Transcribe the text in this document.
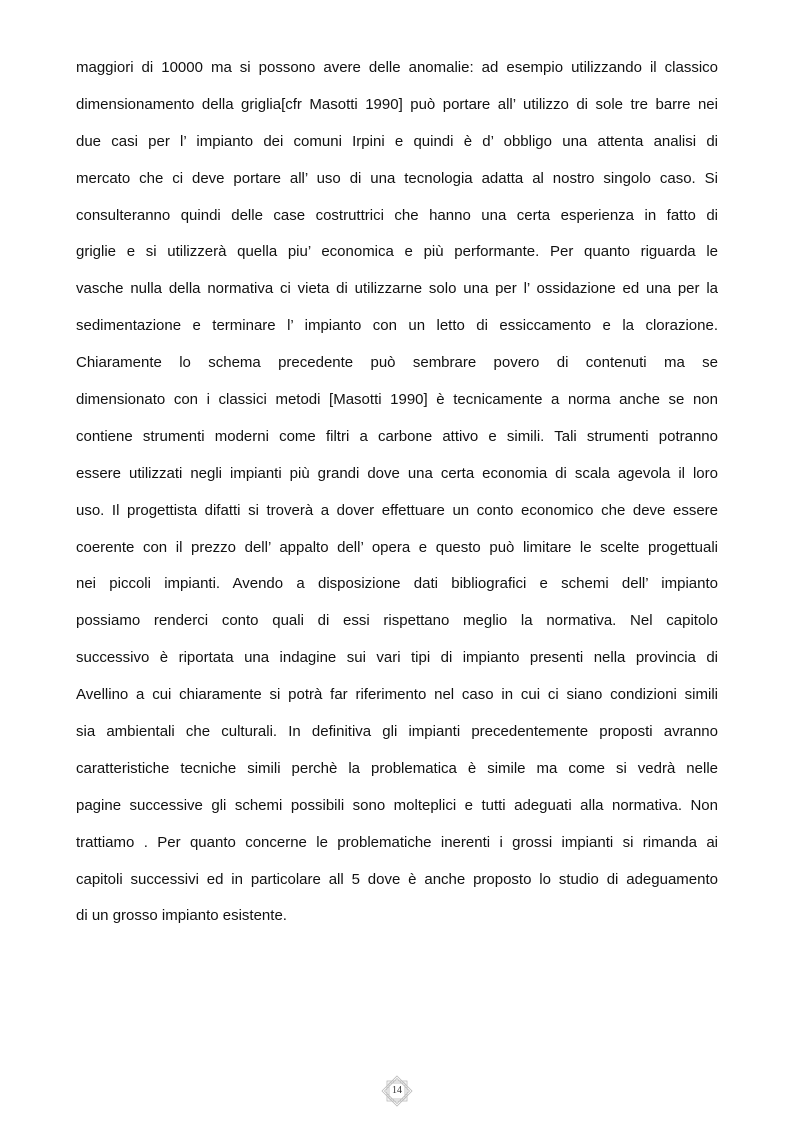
maggiori di 10000 ma si possono avere delle anomalie: ad esempio utilizzando il classico
dimensionamento della griglia[cfr Masotti 1990] può portare all’ utilizzo di sole tre barre nei
due casi per l’ impianto dei comuni Irpini e quindi è d’ obbligo una attenta analisi di
mercato che ci deve portare all’ uso di una tecnologia adatta al nostro singolo caso. Si
consulteranno quindi delle case costruttrici che hanno una certa esperienza in fatto di
griglie e si utilizzerà quella piu’ economica e più performante. Per quanto riguarda le
vasche nulla della normativa ci vieta di utilizzarne solo una per l’ ossidazione ed una per la
sedimentazione e terminare l’ impianto con un letto di essiccamento e la clorazione.
Chiaramente lo schema precedente può sembrare povero di contenuti ma se
dimensionato con i classici metodi [Masotti 1990] è tecnicamente a norma anche se non
contiene strumenti moderni come filtri a carbone attivo e simili. Tali strumenti potranno
essere utilizzati negli impianti più grandi dove una certa economia di scala agevola il loro
uso. Il progettista difatti si troverà a dover effettuare un conto economico che deve essere
coerente con il prezzo dell’ appalto dell’ opera e questo può limitare le scelte progettuali
nei piccoli impianti. Avendo a disposizione dati bibliografici e schemi dell’ impianto
possiamo renderci conto quali di essi rispettano meglio la normativa. Nel capitolo
successivo è riportata una indagine sui vari tipi di impianto presenti nella provincia di
Avellino a cui chiaramente si potrà far riferimento nel caso in cui ci siano condizioni simili
sia ambientali che culturali. In definitiva gli impianti precedentemente proposti avranno
caratteristiche tecniche simili perchè la problematica è simile ma come si vedrà nelle
pagine successive gli schemi possibili sono molteplici e tutti adeguati alla normativa. Non
trattiamo . Per quanto concerne le problematiche inerenti i grossi impianti si rimanda ai
capitoli successivi ed in particolare all 5 dove è anche proposto lo studio di adeguamento
di un grosso impianto esistente.
14
